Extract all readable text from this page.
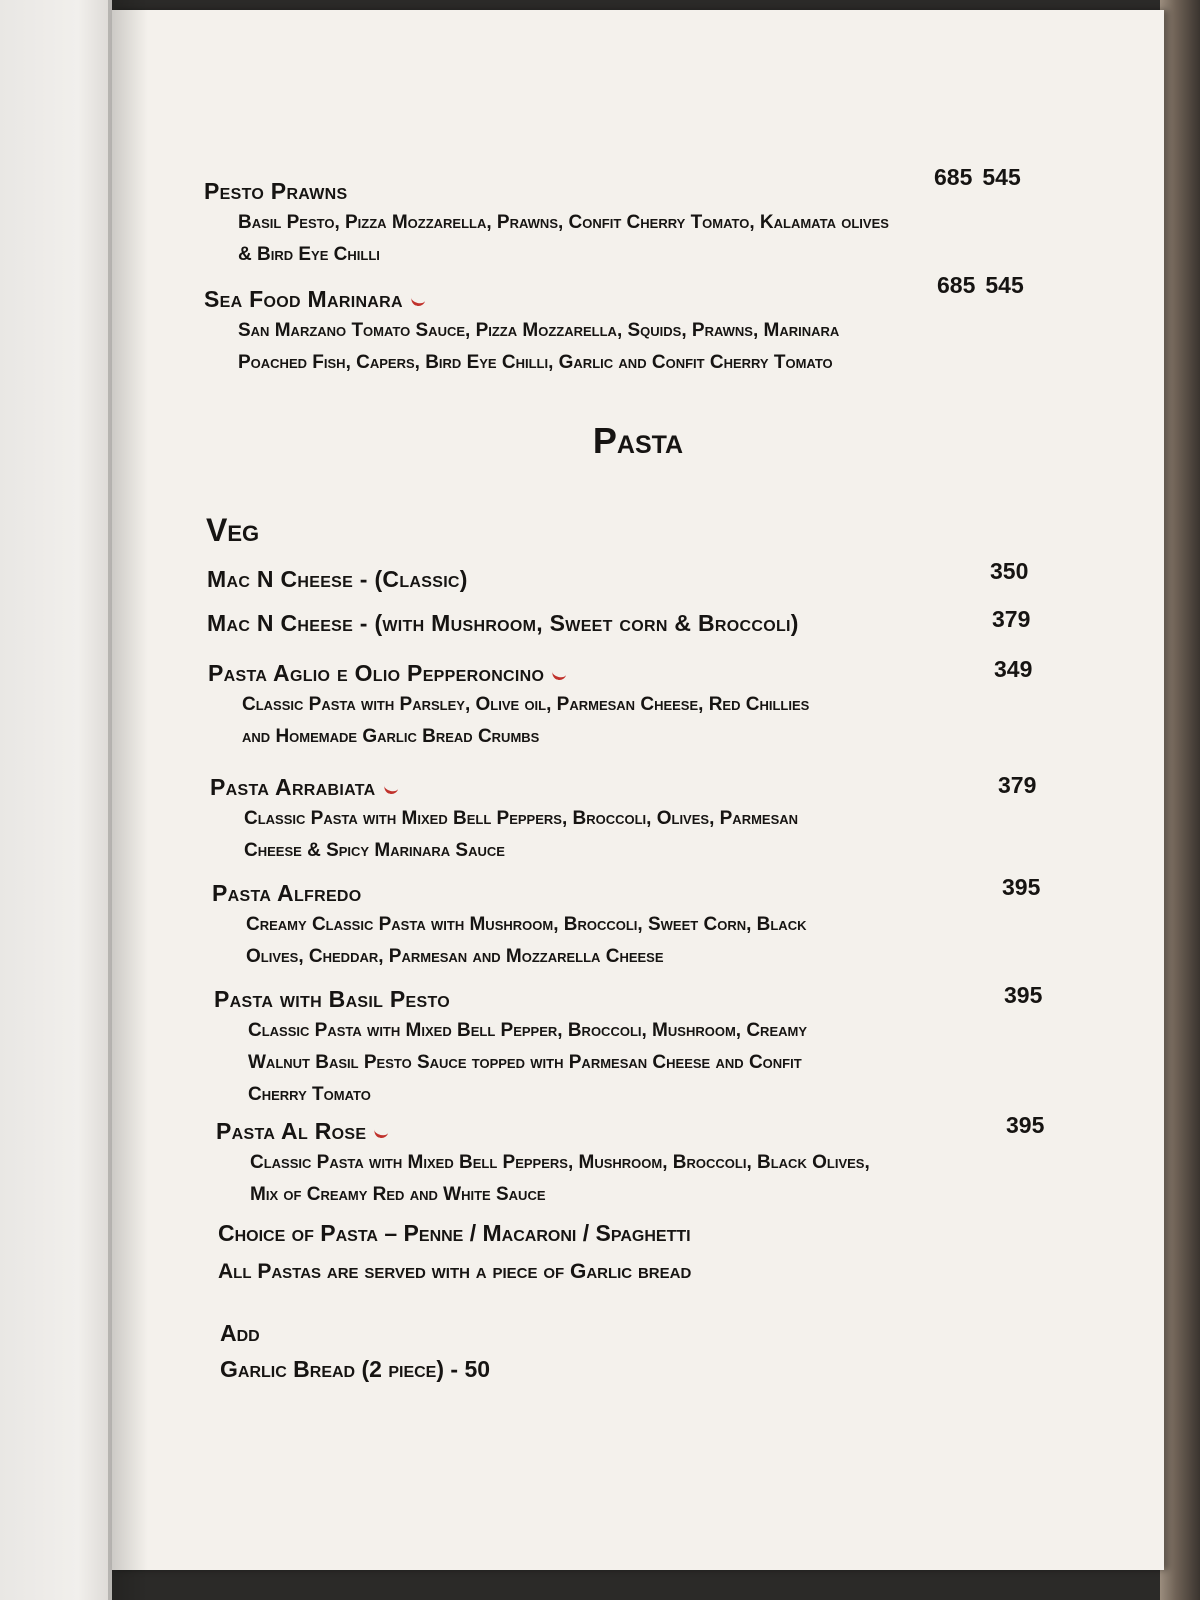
Pesto Prawns
Basil Pesto, Pizza Mozzarella, Prawns, Confit Cherry Tomato, Kalamata olives
& Bird Eye Chilli
685 545
Sea Food Marinara
San Marzano Tomato Sauce, Pizza Mozzarella, Squids, Prawns, Marinara
Poached Fish, Capers, Bird Eye Chilli, Garlic and Confit Cherry Tomato
685 545
Pasta
Veg
Mac N Cheese - (Classic)	350
Mac N Cheese - (with Mushroom, Sweet corn & Broccoli)	379
Pasta Aglio e Olio Pepperoncino
Classic Pasta with Parsley, Olive oil, Parmesan Cheese, Red Chillies
and Homemade Garlic Bread Crumbs
349
Pasta Arrabiata
Classic Pasta with Mixed Bell Peppers, Broccoli, Olives, Parmesan
Cheese & Spicy Marinara Sauce
379
Pasta Alfredo
Creamy Classic Pasta with Mushroom, Broccoli, Sweet Corn, Black
Olives, Cheddar, Parmesan and Mozzarella Cheese
395
Pasta with Basil Pesto
Classic Pasta with Mixed Bell Pepper, Broccoli, Mushroom, Creamy
Walnut Basil Pesto Sauce topped with Parmesan Cheese and Confit
Cherry Tomato
395
Pasta Al Rose
Classic Pasta with Mixed Bell Peppers, Mushroom, Broccoli, Black Olives,
Mix of Creamy Red and White Sauce
395
Choice of Pasta – Penne / Macaroni / Spaghetti
All Pastas are served with a piece of Garlic bread
Add
Garlic Bread (2 piece) - 50
